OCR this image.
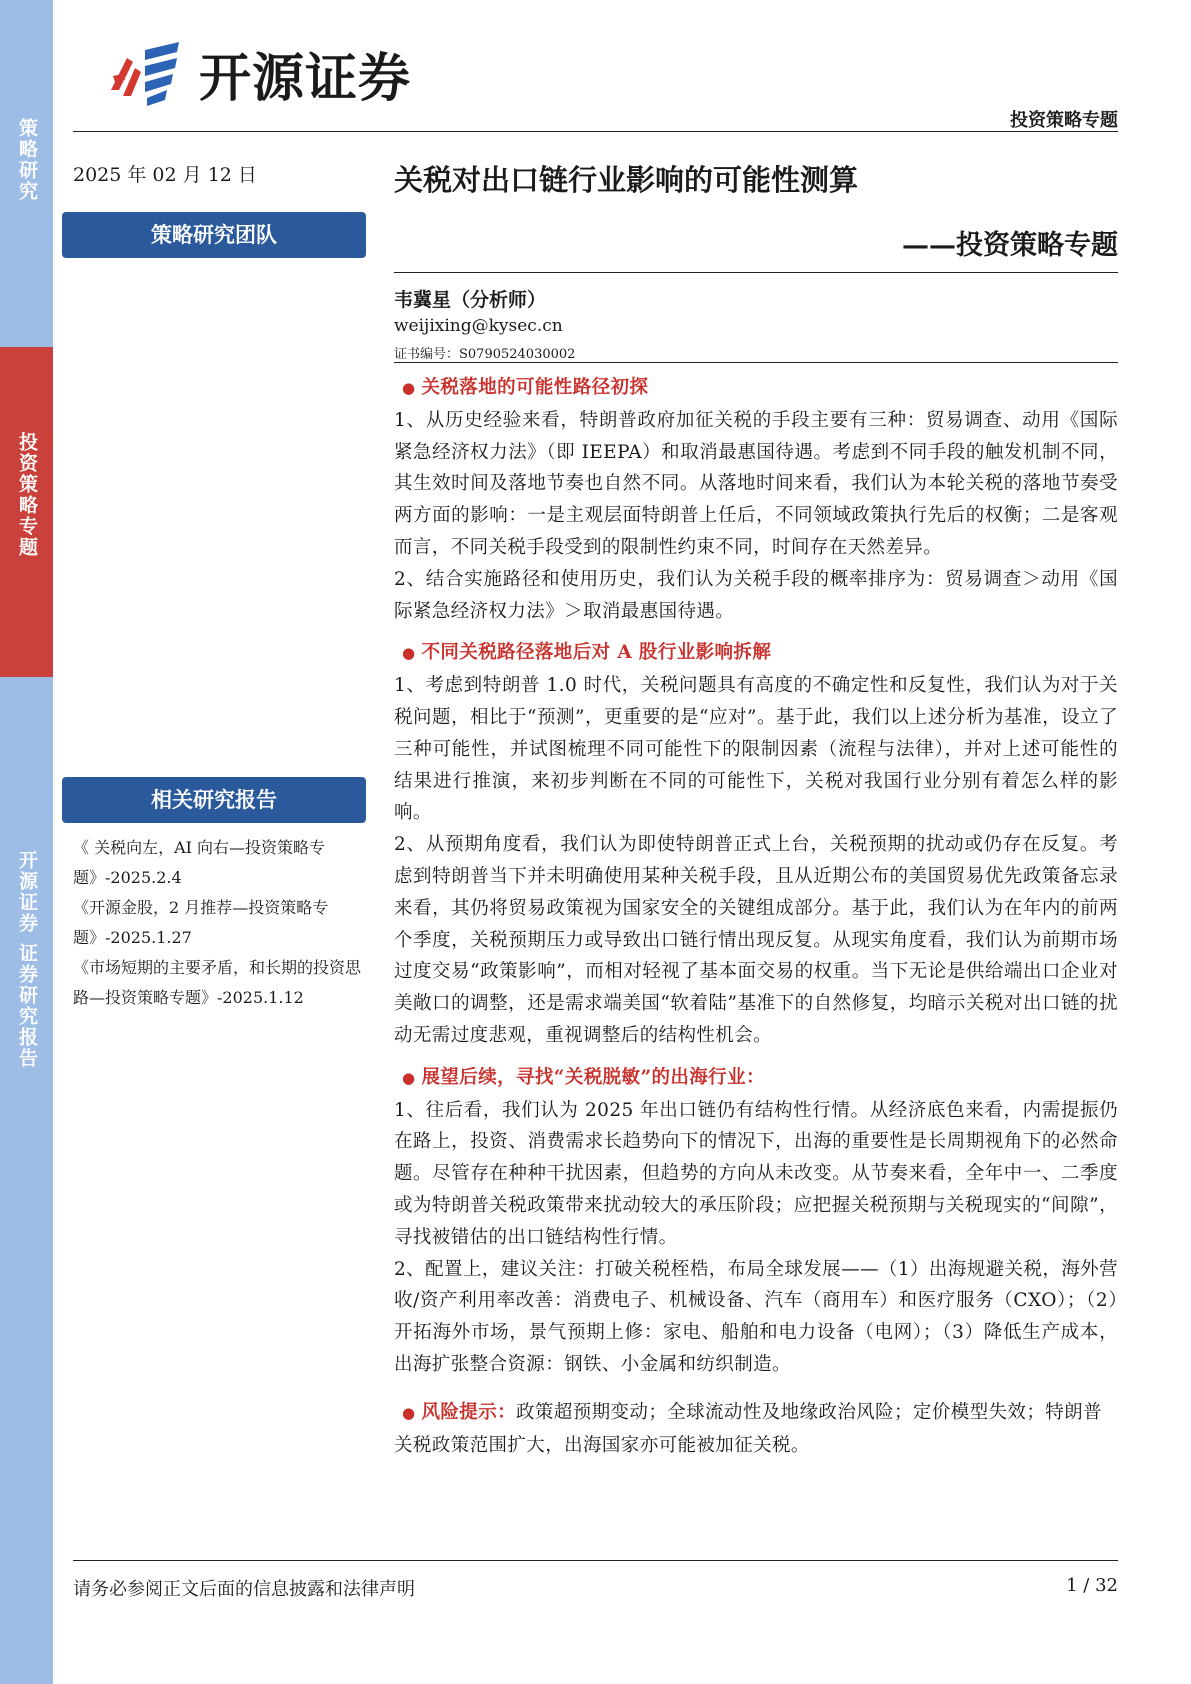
策略研究
投资策略专题
开源证券 证券研究报告
开源证券
投资策略专题
2025 年 02 月 12 日
策略研究团队
相关研究报告

《 关税向左，AI 向右—投资策略专题》-2025.2.4

《开源金股，2 月推荐—投资策略专题》-2025.1.27

《市场短期的主要矛盾，和长期的投资思路—投资策略专题》-2025.1.12

关税对出口链行业影响的可能性测算
——投资策略专题
韦冀星（分析师）
weijixing@kysec.cn
证书编号：S0790524030002

● 关税落地的可能性路径初探

1、从历史经验来看，特朗普政府加征关税的手段主要有三种：贸易调查、动用《国际紧急经济权力法》（即 IEEPA）和取消最惠国待遇。考虑到不同手段的触发机制不同，其生效时间及落地节奏也自然不同。从落地时间来看，我们认为本轮关税的落地节奏受两方面的影响：一是主观层面特朗普上任后，不同领域政策执行先后的权衡；二是客观而言，不同关税手段受到的限制性约束不同，时间存在天然差异。

2、结合实施路径和使用历史，我们认为关税手段的概率排序为：贸易调查＞动用《国际紧急经济权力法》＞取消最惠国待遇。

● 不同关税路径落地后对 A 股行业影响拆解

1、考虑到特朗普 1.0 时代，关税问题具有高度的不确定性和反复性，我们认为对于关税问题，相比于“预测”，更重要的是“应对”。基于此，我们以上述分析为基准，设立了三种可能性，并试图梳理不同可能性下的限制因素（流程与法律），并对上述可能性的结果进行推演，来初步判断在不同的可能性下，关税对我国行业分别有着怎么样的影响。

2、从预期角度看，我们认为即使特朗普正式上台，关税预期的扰动或仍存在反复。考虑到特朗普当下并未明确使用某种关税手段，且从近期公布的美国贸易优先政策备忘录来看，其仍将贸易政策视为国家安全的关键组成部分。基于此，我们认为在年内的前两个季度，关税预期压力或导致出口链行情出现反复。从现实角度看，我们认为前期市场过度交易“政策影响”，而相对轻视了基本面交易的权重。当下无论是供给端出口企业对美敞口的调整，还是需求端美国“软着陆”基准下的自然修复，均暗示关税对出口链的扰动无需过度悲观，重视调整后的结构性机会。

● 展望后续，寻找“关税脱敏”的出海行业：

1、往后看，我们认为 2025 年出口链仍有结构性行情。从经济底色来看，内需提振仍在路上，投资、消费需求长趋势向下的情况下，出海的重要性是长周期视角下的必然命题。尽管存在种种干扰因素，但趋势的方向从未改变。从节奏来看，全年中一、二季度或为特朗普关税政策带来扰动较大的承压阶段；应把握关税预期与关税现实的“间隙”，寻找被错估的出口链结构性行情。

2、配置上，建议关注：打破关税桎梏，布局全球发展——（1）出海规避关税，海外营收/资产利用率改善：消费电子、机械设备、汽车（商用车）和医疗服务（CXO）；（2）开拓海外市场，景气预期上修：家电、船舶和电力设备（电网）；（3）降低生产成本，出海扩张整合资源：钢铁、小金属和纺织制造。

● 风险提示：政策超预期变动；全球流动性及地缘政治风险；定价模型失效；特朗普关税政策范围扩大，出海国家亦可能被加征关税。

请务必参阅正文后面的信息披露和法律声明	1 / 32
